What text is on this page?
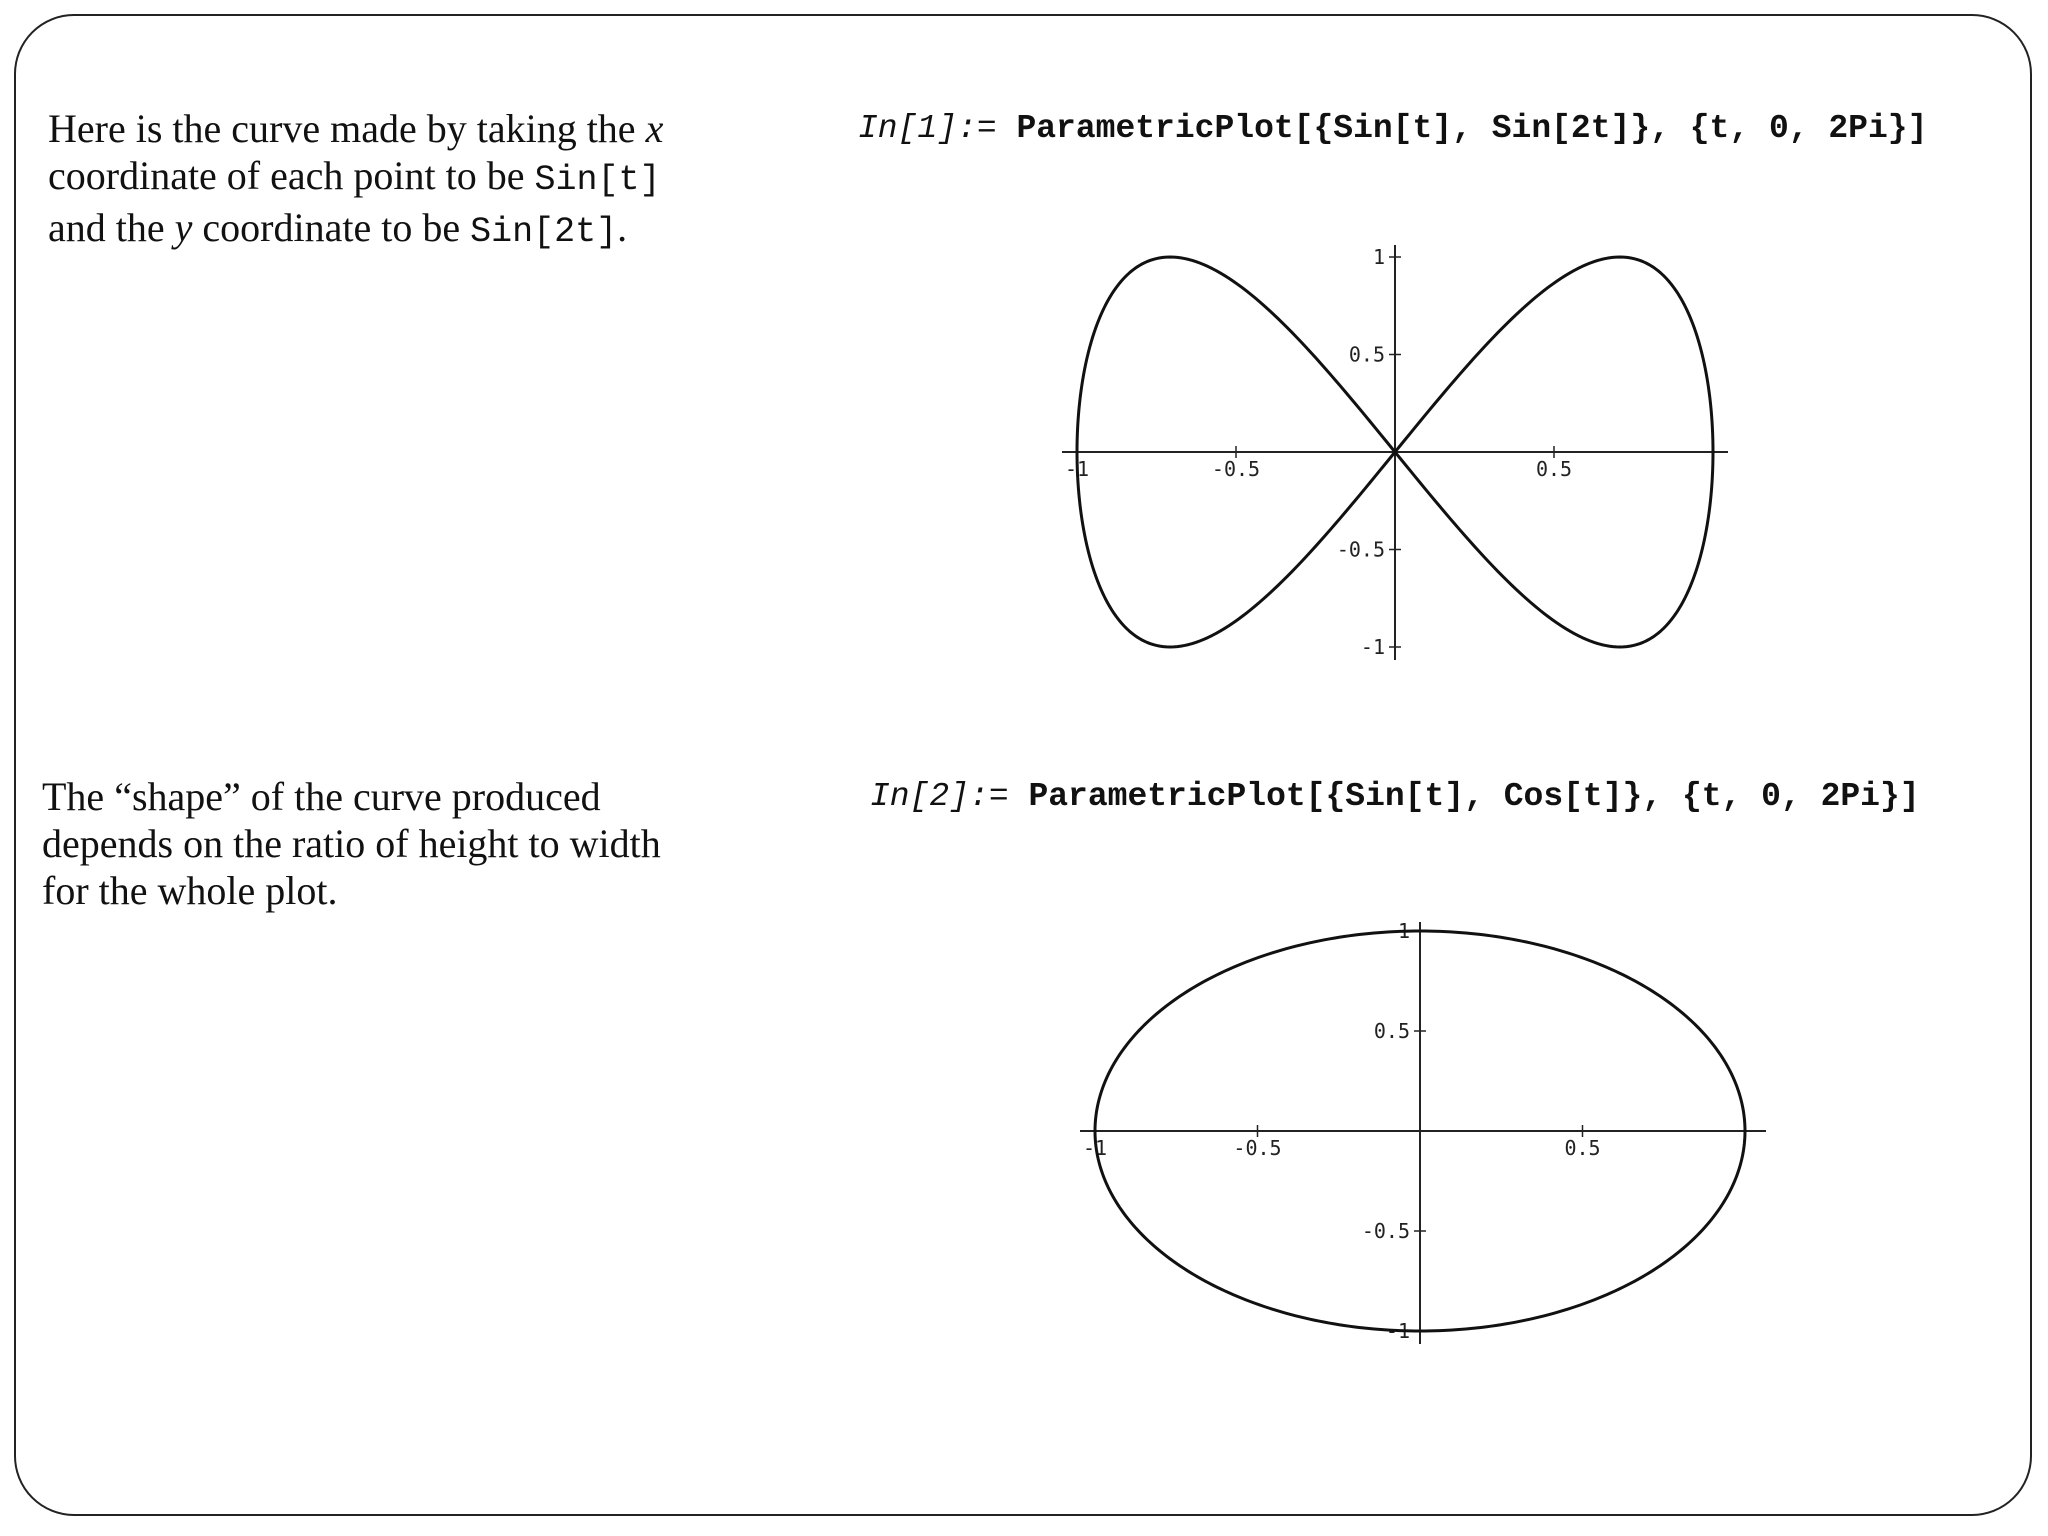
Here is the curve made by taking the x
coordinate of each point to be Sin[t]
and the y coordinate to be Sin[2t].

In[1]:= ParametricPlot[{Sin[t], Sin[2t]}, {t, 0, 2Pi}]
-1	-0.5	0.5
1
0.5
-0.5
-1

The “shape” of the curve produced
depends on the ratio of height to width
for the whole plot.

In[2]:= ParametricPlot[{Sin[t], Cos[t]}, {t, 0, 2Pi}]
-1	-0.5	0.5
1
0.5
-0.5
-1
